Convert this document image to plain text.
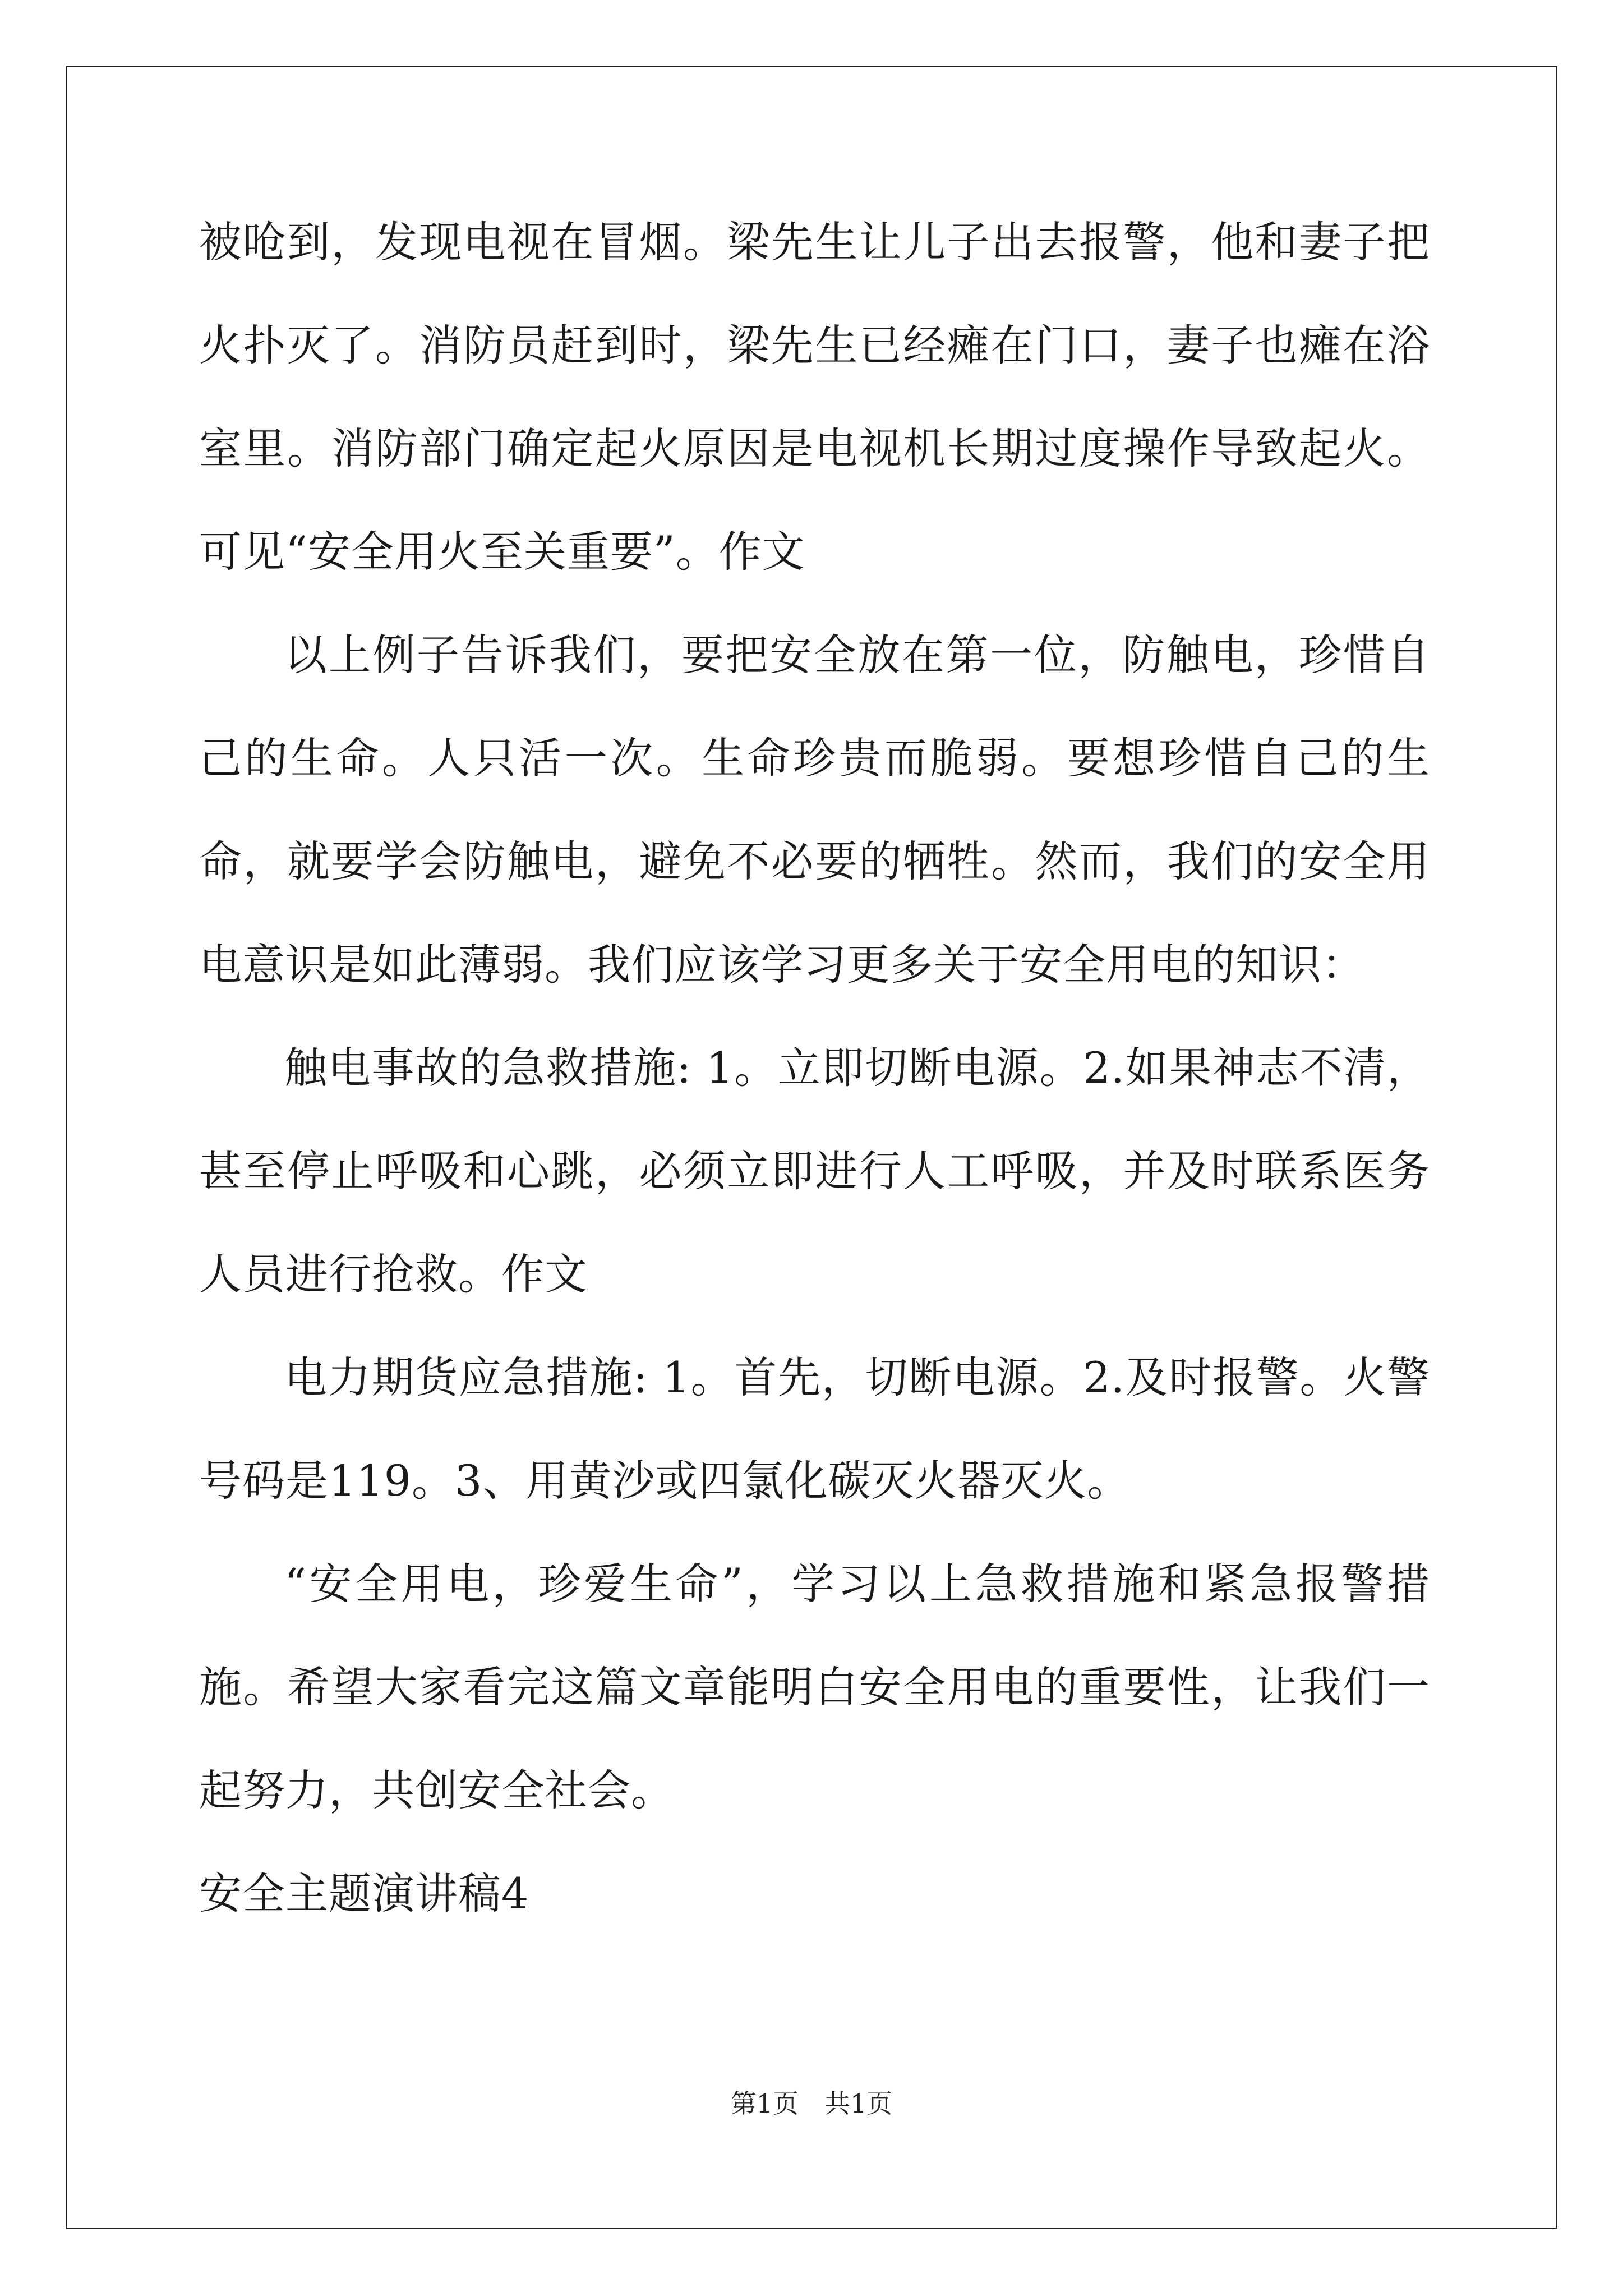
被呛到，发现电视在冒烟。梁先生让儿子出去报警，他和妻子把火扑灭了。消防员赶到时，梁先生已经瘫在门口，妻子也瘫在浴室里。消防部门确定起火原因是电视机长期过度操作导致起火。可见“安全用火至关重要”。作文

以上例子告诉我们，要把安全放在第一位，防触电，珍惜自己的生命。人只活一次。生命珍贵而脆弱。要想珍惜自己的生命，就要学会防触电，避免不必要的牺牲。然而，我们的安全用电意识是如此薄弱。我们应该学习更多关于安全用电的知识：

触电事故的急救措施: 1。立即切断电源。2.如果神志不清，甚至停止呼吸和心跳，必须立即进行人工呼吸，并及时联系医务人员进行抢救。作文

电力期货应急措施: 1。首先，切断电源。2.及时报警。火警号码是119。3、用黄沙或四氯化碳灭火器灭火。

“安全用电，珍爱生命”，学习以上急救措施和紧急报警措施。希望大家看完这篇文章能明白安全用电的重要性，让我们一起努力，共创安全社会。

安全主题演讲稿4

第1页　共1页
